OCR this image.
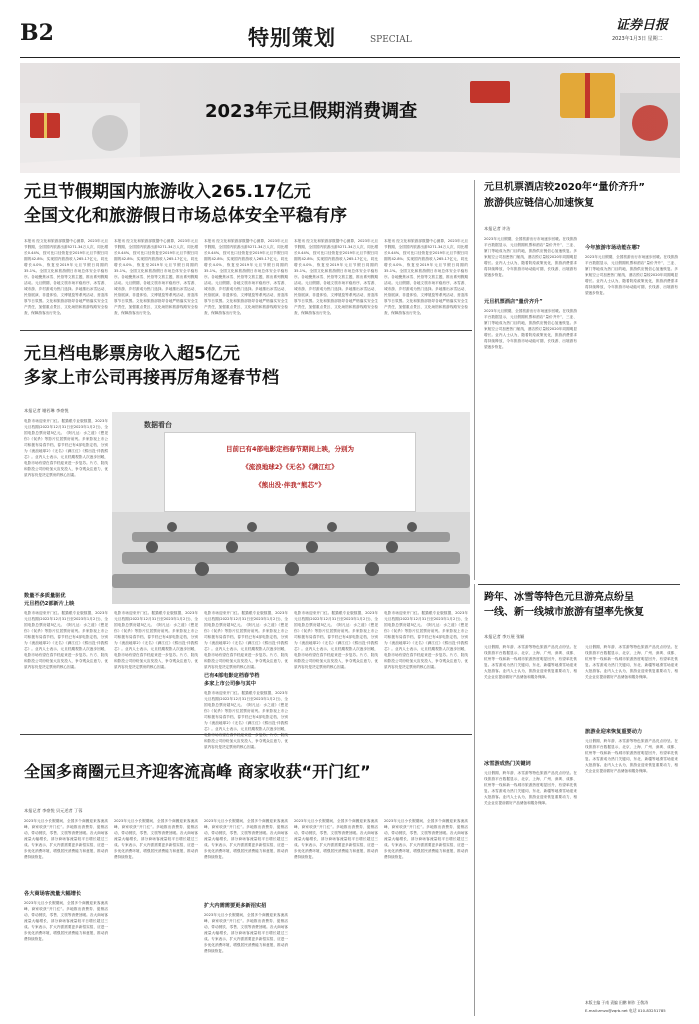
B2	特别策划	SPECIAL
证券日报
2023年1月3日 星期二
2023年元旦假期消费调查
元旦节假期国内旅游收入265.17亿元
全国文化和旅游假日市场总体安全平稳有序
本报讯 经文化和旅游部数据中心测算，2023年元旦节假期，全国国内旅游出游5271.34万人次，同比增长0.44%，按可比口径恢复至2019年元旦节假日同期的42.8%；实现国内旅游收入265.17亿元，同比增长4.0%，恢复至2019年元旦节假日同期的35.1%。全国文化和旅游假日市场总体安全平稳有序。各地聚焦冰雪、民俗等文旅主题，推出系列假期活动。元旦假期，各地文旅市场平稳有序，冰雪游、城市游、乡村游成为热门选择。多地推出冰雪运动、民俗展演、非遗体验、文博展览等系列活动，营造浓厚节日氛围。文化和旅游部指导各地严格落实安全生产责任，加强重点景区、文化场馆和旅游线路安全检查，保障游客出行安全。
本报讯 经文化和旅游部数据中心测算，2023年元旦节假期，全国国内旅游出游5271.34万人次，同比增长0.44%，按可比口径恢复至2019年元旦节假日同期的42.8%；实现国内旅游收入265.17亿元，同比增长4.0%，恢复至2019年元旦节假日同期的35.1%。全国文化和旅游假日市场总体安全平稳有序。各地聚焦冰雪、民俗等文旅主题，推出系列假期活动。元旦假期，各地文旅市场平稳有序，冰雪游、城市游、乡村游成为热门选择。多地推出冰雪运动、民俗展演、非遗体验、文博展览等系列活动，营造浓厚节日氛围。文化和旅游部指导各地严格落实安全生产责任，加强重点景区、文化场馆和旅游线路安全检查，保障游客出行安全。
本报讯 经文化和旅游部数据中心测算，2023年元旦节假期，全国国内旅游出游5271.34万人次，同比增长0.44%，按可比口径恢复至2019年元旦节假日同期的42.8%；实现国内旅游收入265.17亿元，同比增长4.0%，恢复至2019年元旦节假日同期的35.1%。全国文化和旅游假日市场总体安全平稳有序。各地聚焦冰雪、民俗等文旅主题，推出系列假期活动。元旦假期，各地文旅市场平稳有序，冰雪游、城市游、乡村游成为热门选择。多地推出冰雪运动、民俗展演、非遗体验、文博展览等系列活动，营造浓厚节日氛围。文化和旅游部指导各地严格落实安全生产责任，加强重点景区、文化场馆和旅游线路安全检查，保障游客出行安全。
本报讯 经文化和旅游部数据中心测算，2023年元旦节假期，全国国内旅游出游5271.34万人次，同比增长0.44%，按可比口径恢复至2019年元旦节假日同期的42.8%；实现国内旅游收入265.17亿元，同比增长4.0%，恢复至2019年元旦节假日同期的35.1%。全国文化和旅游假日市场总体安全平稳有序。各地聚焦冰雪、民俗等文旅主题，推出系列假期活动。元旦假期，各地文旅市场平稳有序，冰雪游、城市游、乡村游成为热门选择。多地推出冰雪运动、民俗展演、非遗体验、文博展览等系列活动，营造浓厚节日氛围。文化和旅游部指导各地严格落实安全生产责任，加强重点景区、文化场馆和旅游线路安全检查，保障游客出行安全。
本报讯 经文化和旅游部数据中心测算，2023年元旦节假期，全国国内旅游出游5271.34万人次，同比增长0.44%，按可比口径恢复至2019年元旦节假日同期的42.8%；实现国内旅游收入265.17亿元，同比增长4.0%，恢复至2019年元旦节假日同期的35.1%。全国文化和旅游假日市场总体安全平稳有序。各地聚焦冰雪、民俗等文旅主题，推出系列假期活动。元旦假期，各地文旅市场平稳有序，冰雪游、城市游、乡村游成为热门选择。多地推出冰雪运动、民俗展演、非遗体验、文博展览等系列活动，营造浓厚节日氛围。文化和旅游部指导各地严格落实安全生产责任，加强重点景区、文化场馆和旅游线路安全检查，保障游客出行安全。
元旦机票酒店较2020年“量价齐升”
旅游供应链信心加速恢复
本报记者 许洁
2023年元旦假期，全国旅游出行市场逐步回暖。在线旅游平台数据显示，元旦假期机票和酒店“量价齐升”，三亚、厦门等地成为热门目的地，旅游供应链信心加速恢复。多家航空公司加密热门航线，酒店预订量较2020年同期明显增长。业内人士认为，随着防疫政策优化，旅游消费需求将持续释放，今年旅游市场动能可期，长线游、出境游有望逐步恢复。
元旦机票酒店“量价齐升”
2023年元旦假期，全国旅游出行市场逐步回暖。在线旅游平台数据显示，元旦假期机票和酒店“量价齐升”，三亚、厦门等地成为热门目的地，旅游供应链信心加速恢复。多家航空公司加密热门航线，酒店预订量较2020年同期明显增长。业内人士认为，随着防疫政策优化，旅游消费需求将持续释放，今年旅游市场动能可期，长线游、出境游有望逐步恢复。
今年旅游市场动能在哪?
2023年元旦假期，全国旅游出行市场逐步回暖。在线旅游平台数据显示，元旦假期机票和酒店“量价齐升”，三亚、厦门等地成为热门目的地，旅游供应链信心加速恢复。多家航空公司加密热门航线，酒店预订量较2020年同期明显增长。业内人士认为，随着防疫政策优化，旅游消费需求将持续释放，今年旅游市场动能可期，长线游、出境游有望逐步恢复。
元旦档电影票房收入超5亿元
多家上市公司再接再厉角逐春节档
本报记者 谢若琳 李豪悦
电影市场迎来开门红。据猫眼专业版数据，2023年元旦档期(2022年12月31日至2023年1月2日)，全国电影总票房超5亿元。《阿凡达：水之道》《想见你》《误杀》等影片位居票房前列。多家影视上市公司积极布局春节档，春节档已有4部电影定档，分别为《流浪地球2》《无名》《满江红》《熊出没·伴我熊芯》。业内人士表示，元旦档期观影人次逐步回暖，电影市场有望在春节档迎来进一步复苏。片方、院线和影投公司纷纷加大宣发投入，争夺观众注意力，优质内容仍是决定票房的核心因素。
数量不多质量驱优
元旦档仍2部新片上映
电影市场迎来开门红。据猫眼专业版数据，2023年元旦档期(2022年12月31日至2023年1月2日)，全国电影总票房超5亿元。《阿凡达：水之道》《想见你》《误杀》等影片位居票房前列。多家影视上市公司积极布局春节档，春节档已有4部电影定档，分别为《流浪地球2》《无名》《满江红》《熊出没·伴我熊芯》。业内人士表示，元旦档期观影人次逐步回暖，电影市场有望在春节档迎来进一步复苏。片方、院线和影投公司纷纷加大宣发投入，争夺观众注意力，优质内容仍是决定票房的核心因素。
数据看台
目前已有4部电影定档春节期间上映，分别为
《流浪地球2》《无名》《满江红》
《熊出没·伴我“熊芯”》
电影市场迎来开门红。据猫眼专业版数据，2023年元旦档期(2022年12月31日至2023年1月2日)，全国电影总票房超5亿元。《阿凡达：水之道》《想见你》《误杀》等影片位居票房前列。多家影视上市公司积极布局春节档，春节档已有4部电影定档，分别为《流浪地球2》《无名》《满江红》《熊出没·伴我熊芯》。业内人士表示，元旦档期观影人次逐步回暖，电影市场有望在春节档迎来进一步复苏。片方、院线和影投公司纷纷加大宣发投入，争夺观众注意力，优质内容仍是决定票房的核心因素。
电影市场迎来开门红。据猫眼专业版数据，2023年元旦档期(2022年12月31日至2023年1月2日)，全国电影总票房超5亿元。《阿凡达：水之道》《想见你》《误杀》等影片位居票房前列。多家影视上市公司积极布局春节档，春节档已有4部电影定档，分别为《流浪地球2》《无名》《满江红》《熊出没·伴我熊芯》。业内人士表示，元旦档期观影人次逐步回暖，电影市场有望在春节档迎来进一步复苏。片方、院线和影投公司纷纷加大宣发投入，争夺观众注意力，优质内容仍是决定票房的核心因素。
已有4部电影定档春节档
多家上市公司参与其中
电影市场迎来开门红。据猫眼专业版数据，2023年元旦档期(2022年12月31日至2023年1月2日)，全国电影总票房超5亿元。《阿凡达：水之道》《想见你》《误杀》等影片位居票房前列。多家影视上市公司积极布局春节档，春节档已有4部电影定档，分别为《流浪地球2》《无名》《满江红》《熊出没·伴我熊芯》。业内人士表示，元旦档期观影人次逐步回暖，电影市场有望在春节档迎来进一步复苏。片方、院线和影投公司纷纷加大宣发投入，争夺观众注意力，优质内容仍是决定票房的核心因素。
电影市场迎来开门红。据猫眼专业版数据，2023年元旦档期(2022年12月31日至2023年1月2日)，全国电影总票房超5亿元。《阿凡达：水之道》《想见你》《误杀》等影片位居票房前列。多家影视上市公司积极布局春节档，春节档已有4部电影定档，分别为《流浪地球2》《无名》《满江红》《熊出没·伴我熊芯》。业内人士表示，元旦档期观影人次逐步回暖，电影市场有望在春节档迎来进一步复苏。片方、院线和影投公司纷纷加大宣发投入，争夺观众注意力，优质内容仍是决定票房的核心因素。
电影市场迎来开门红。据猫眼专业版数据，2023年元旦档期(2022年12月31日至2023年1月2日)，全国电影总票房超5亿元。《阿凡达：水之道》《想见你》《误杀》等影片位居票房前列。多家影视上市公司积极布局春节档，春节档已有4部电影定档，分别为《流浪地球2》《无名》《满江红》《熊出没·伴我熊芯》。业内人士表示，元旦档期观影人次逐步回暖，电影市场有望在春节档迎来进一步复苏。片方、院线和影投公司纷纷加大宣发投入，争夺观众注意力，优质内容仍是决定票房的核心因素。
跨年、冰雪等特色元旦游亮点纷呈
一线、新一线城市旅游有望率先恢复
本报记者 李万展 张颖
元旦假期，跨年游、冰雪游等特色旅游产品亮点纷呈。在线旅游平台数据显示，北京、上海、广州、深圳、成都、杭州等一线和新一线城市旅游热度明显回升，有望率先恢复。冰雪游成为热门关键词，东北、新疆等地滑雪场迎来大批游客。业内人士认为，旅游业迎来恢复重要动力，相关企业应提前做好产品储备和服务保障。
冰雪游成热门关键词
元旦假期，跨年游、冰雪游等特色旅游产品亮点纷呈。在线旅游平台数据显示，北京、上海、广州、深圳、成都、杭州等一线和新一线城市旅游热度明显回升，有望率先恢复。冰雪游成为热门关键词，东北、新疆等地滑雪场迎来大批游客。业内人士认为，旅游业迎来恢复重要动力，相关企业应提前做好产品储备和服务保障。
元旦假期，跨年游、冰雪游等特色旅游产品亮点纷呈。在线旅游平台数据显示，北京、上海、广州、深圳、成都、杭州等一线和新一线城市旅游热度明显回升，有望率先恢复。冰雪游成为热门关键词，东北、新疆等地滑雪场迎来大批游客。业内人士认为，旅游业迎来恢复重要动力，相关企业应提前做好产品储备和服务保障。
旅游业迎来恢复重要动力
元旦假期，跨年游、冰雪游等特色旅游产品亮点纷呈。在线旅游平台数据显示，北京、上海、广州、深圳、成都、杭州等一线和新一线城市旅游热度明显回升，有望率先恢复。冰雪游成为热门关键词，东北、新疆等地滑雪场迎来大批游客。业内人士认为，旅游业迎来恢复重要动力，相关企业应提前做好产品储备和服务保障。
全国多商圈元旦齐迎客流高峰 商家收获“开门红”
本报记者 李豪悦 贝元述者 丁蓉
2023年元旦小长假期间，全国多个商圈迎来客流高峰，商家收获“开门红”。多地推出消费券、促销活动，带动餐饮、零售、文旅等消费回暖。各大商场客流量大幅增长，部分商场客流量较平日增长超过三成。专家表示，扩大内需需要更多新招实招，应进一步优化消费环境，增强居民消费能力和意愿，推动消费持续恢复。
各大商场客流量大幅增长
2023年元旦小长假期间，全国多个商圈迎来客流高峰，商家收获“开门红”。多地推出消费券、促销活动，带动餐饮、零售、文旅等消费回暖。各大商场客流量大幅增长，部分商场客流量较平日增长超过三成。专家表示，扩大内需需要更多新招实招，应进一步优化消费环境，增强居民消费能力和意愿，推动消费持续恢复。
2023年元旦小长假期间，全国多个商圈迎来客流高峰，商家收获“开门红”。多地推出消费券、促销活动，带动餐饮、零售、文旅等消费回暖。各大商场客流量大幅增长，部分商场客流量较平日增长超过三成。专家表示，扩大内需需要更多新招实招，应进一步优化消费环境，增强居民消费能力和意愿，推动消费持续恢复。
2023年元旦小长假期间，全国多个商圈迎来客流高峰，商家收获“开门红”。多地推出消费券、促销活动，带动餐饮、零售、文旅等消费回暖。各大商场客流量大幅增长，部分商场客流量较平日增长超过三成。专家表示，扩大内需需要更多新招实招，应进一步优化消费环境，增强居民消费能力和意愿，推动消费持续恢复。
扩大内需需要更多新招实招
2023年元旦小长假期间，全国多个商圈迎来客流高峰，商家收获“开门红”。多地推出消费券、促销活动，带动餐饮、零售、文旅等消费回暖。各大商场客流量大幅增长，部分商场客流量较平日增长超过三成。专家表示，扩大内需需要更多新招实招，应进一步优化消费环境，增强居民消费能力和意愿，推动消费持续恢复。
2023年元旦小长假期间，全国多个商圈迎来客流高峰，商家收获“开门红”。多地推出消费券、促销活动，带动餐饮、零售、文旅等消费回暖。各大商场客流量大幅增长，部分商场客流量较平日增长超过三成。专家表示，扩大内需需要更多新招实招，应进一步优化消费环境，增强居民消费能力和意愿，推动消费持续恢复。
2023年元旦小长假期间，全国多个商圈迎来客流高峰，商家收获“开门红”。多地推出消费券、促销活动，带动餐饮、零售、文旅等消费回暖。各大商场客流量大幅增长，部分商场客流量较平日增长超过三成。专家表示，扩大内需需要更多新招实招，应进一步优化消费环境，增强居民消费能力和意愿，推动消费持续恢复。
本版主编 于南 责编 田鹏 制作 王敬涛
E-mail:zmzx@zqrb.net 电话 010-83251785
